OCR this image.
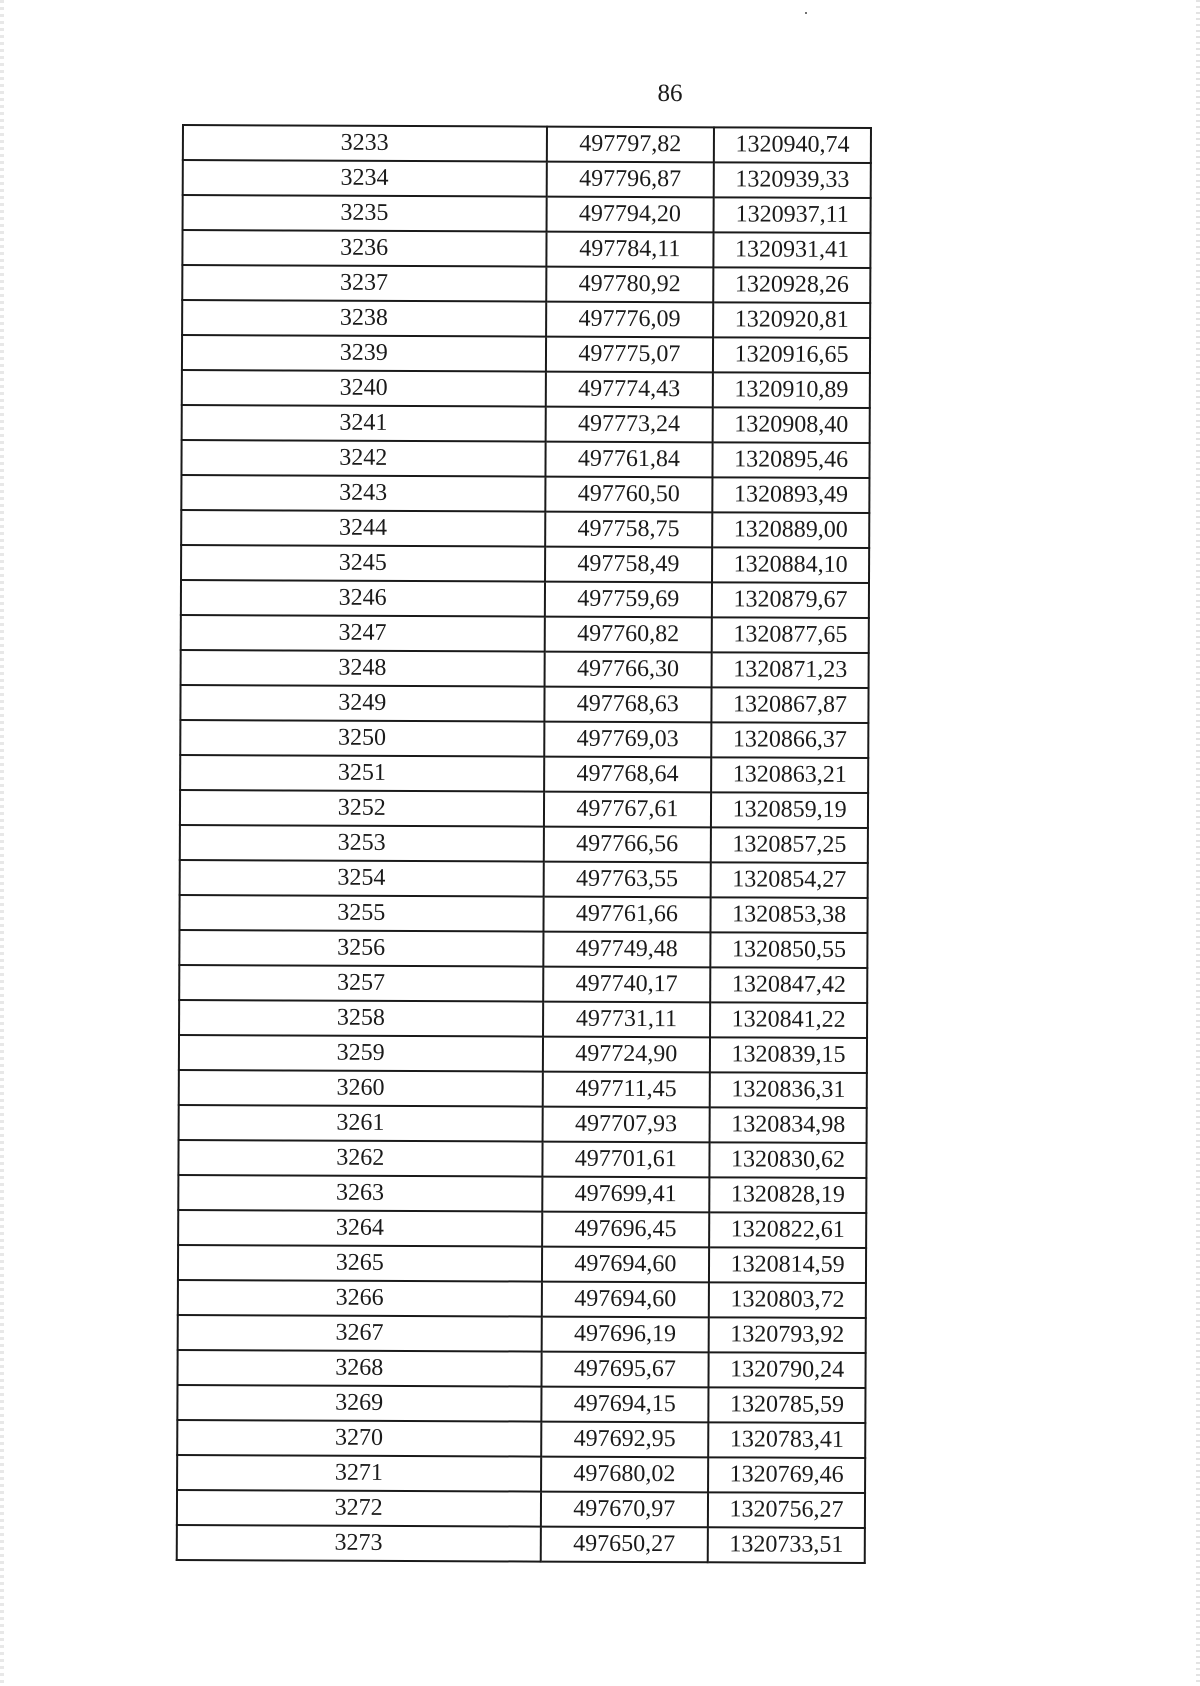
86
3233	497797,82	1320940,74
3234	497796,87	1320939,33
3235	497794,20	1320937,11
3236	497784,11	1320931,41
3237	497780,92	1320928,26
3238	497776,09	1320920,81
3239	497775,07	1320916,65
3240	497774,43	1320910,89
3241	497773,24	1320908,40
3242	497761,84	1320895,46
3243	497760,50	1320893,49
3244	497758,75	1320889,00
3245	497758,49	1320884,10
3246	497759,69	1320879,67
3247	497760,82	1320877,65
3248	497766,30	1320871,23
3249	497768,63	1320867,87
3250	497769,03	1320866,37
3251	497768,64	1320863,21
3252	497767,61	1320859,19
3253	497766,56	1320857,25
3254	497763,55	1320854,27
3255	497761,66	1320853,38
3256	497749,48	1320850,55
3257	497740,17	1320847,42
3258	497731,11	1320841,22
3259	497724,90	1320839,15
3260	497711,45	1320836,31
3261	497707,93	1320834,98
3262	497701,61	1320830,62
3263	497699,41	1320828,19
3264	497696,45	1320822,61
3265	497694,60	1320814,59
3266	497694,60	1320803,72
3267	497696,19	1320793,92
3268	497695,67	1320790,24
3269	497694,15	1320785,59
3270	497692,95	1320783,41
3271	497680,02	1320769,46
3272	497670,97	1320756,27
3273	497650,27	1320733,51
